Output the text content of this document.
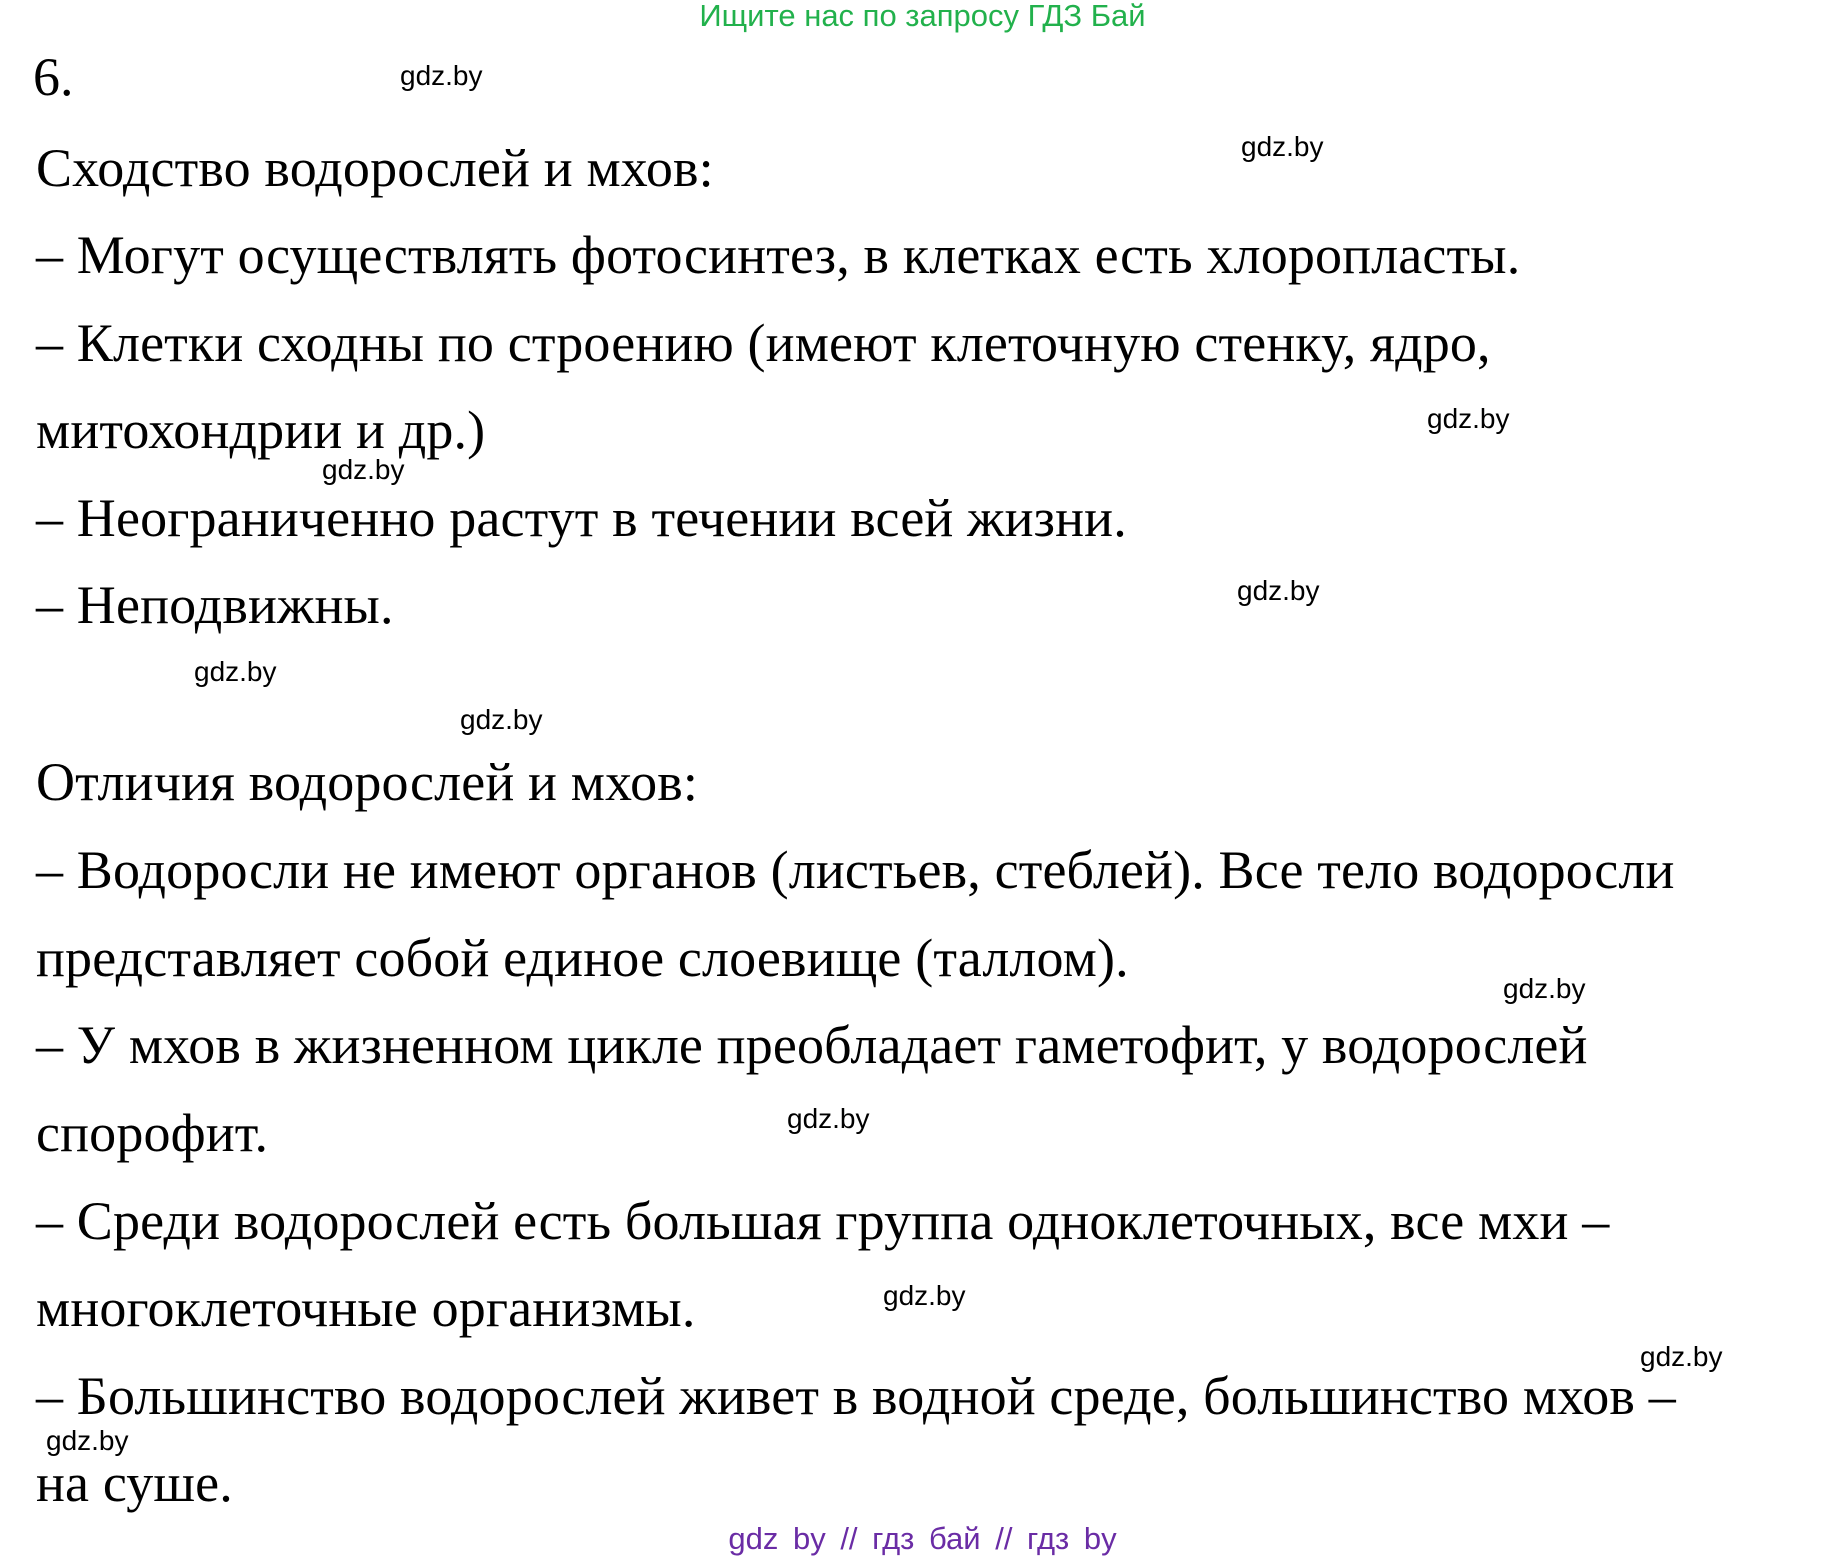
Ищите нас по запросу ГДЗ Бай
6.
Сходство водорослей и мхов:
– Могут осуществлять фотосинтез, в клетках есть хлоропласты.
– Клетки сходны по строению (имеют клеточную стенку, ядро,
митохондрии и др.)
– Неограниченно растут в течении всей жизни.
– Неподвижны.
Отличия водорослей и мхов:
– Водоросли не имеют органов (листьев, стеблей). Все тело водоросли
представляет собой единое слоевище (таллом).
– У мхов в жизненном цикле преобладает гаметофит, у водорослей
спорофит.
– Среди водорослей есть большая группа одноклеточных, все мхи –
многоклеточные организмы.
– Большинство водорослей живет в водной среде, большинство мхов –
на суше.
gdz.by
gdz.by
gdz.by
gdz.by
gdz.by
gdz.by
gdz.by
gdz.by
gdz.by
gdz.by
gdz.by
gdz.by
gdz by // гдз бай // гдз by
